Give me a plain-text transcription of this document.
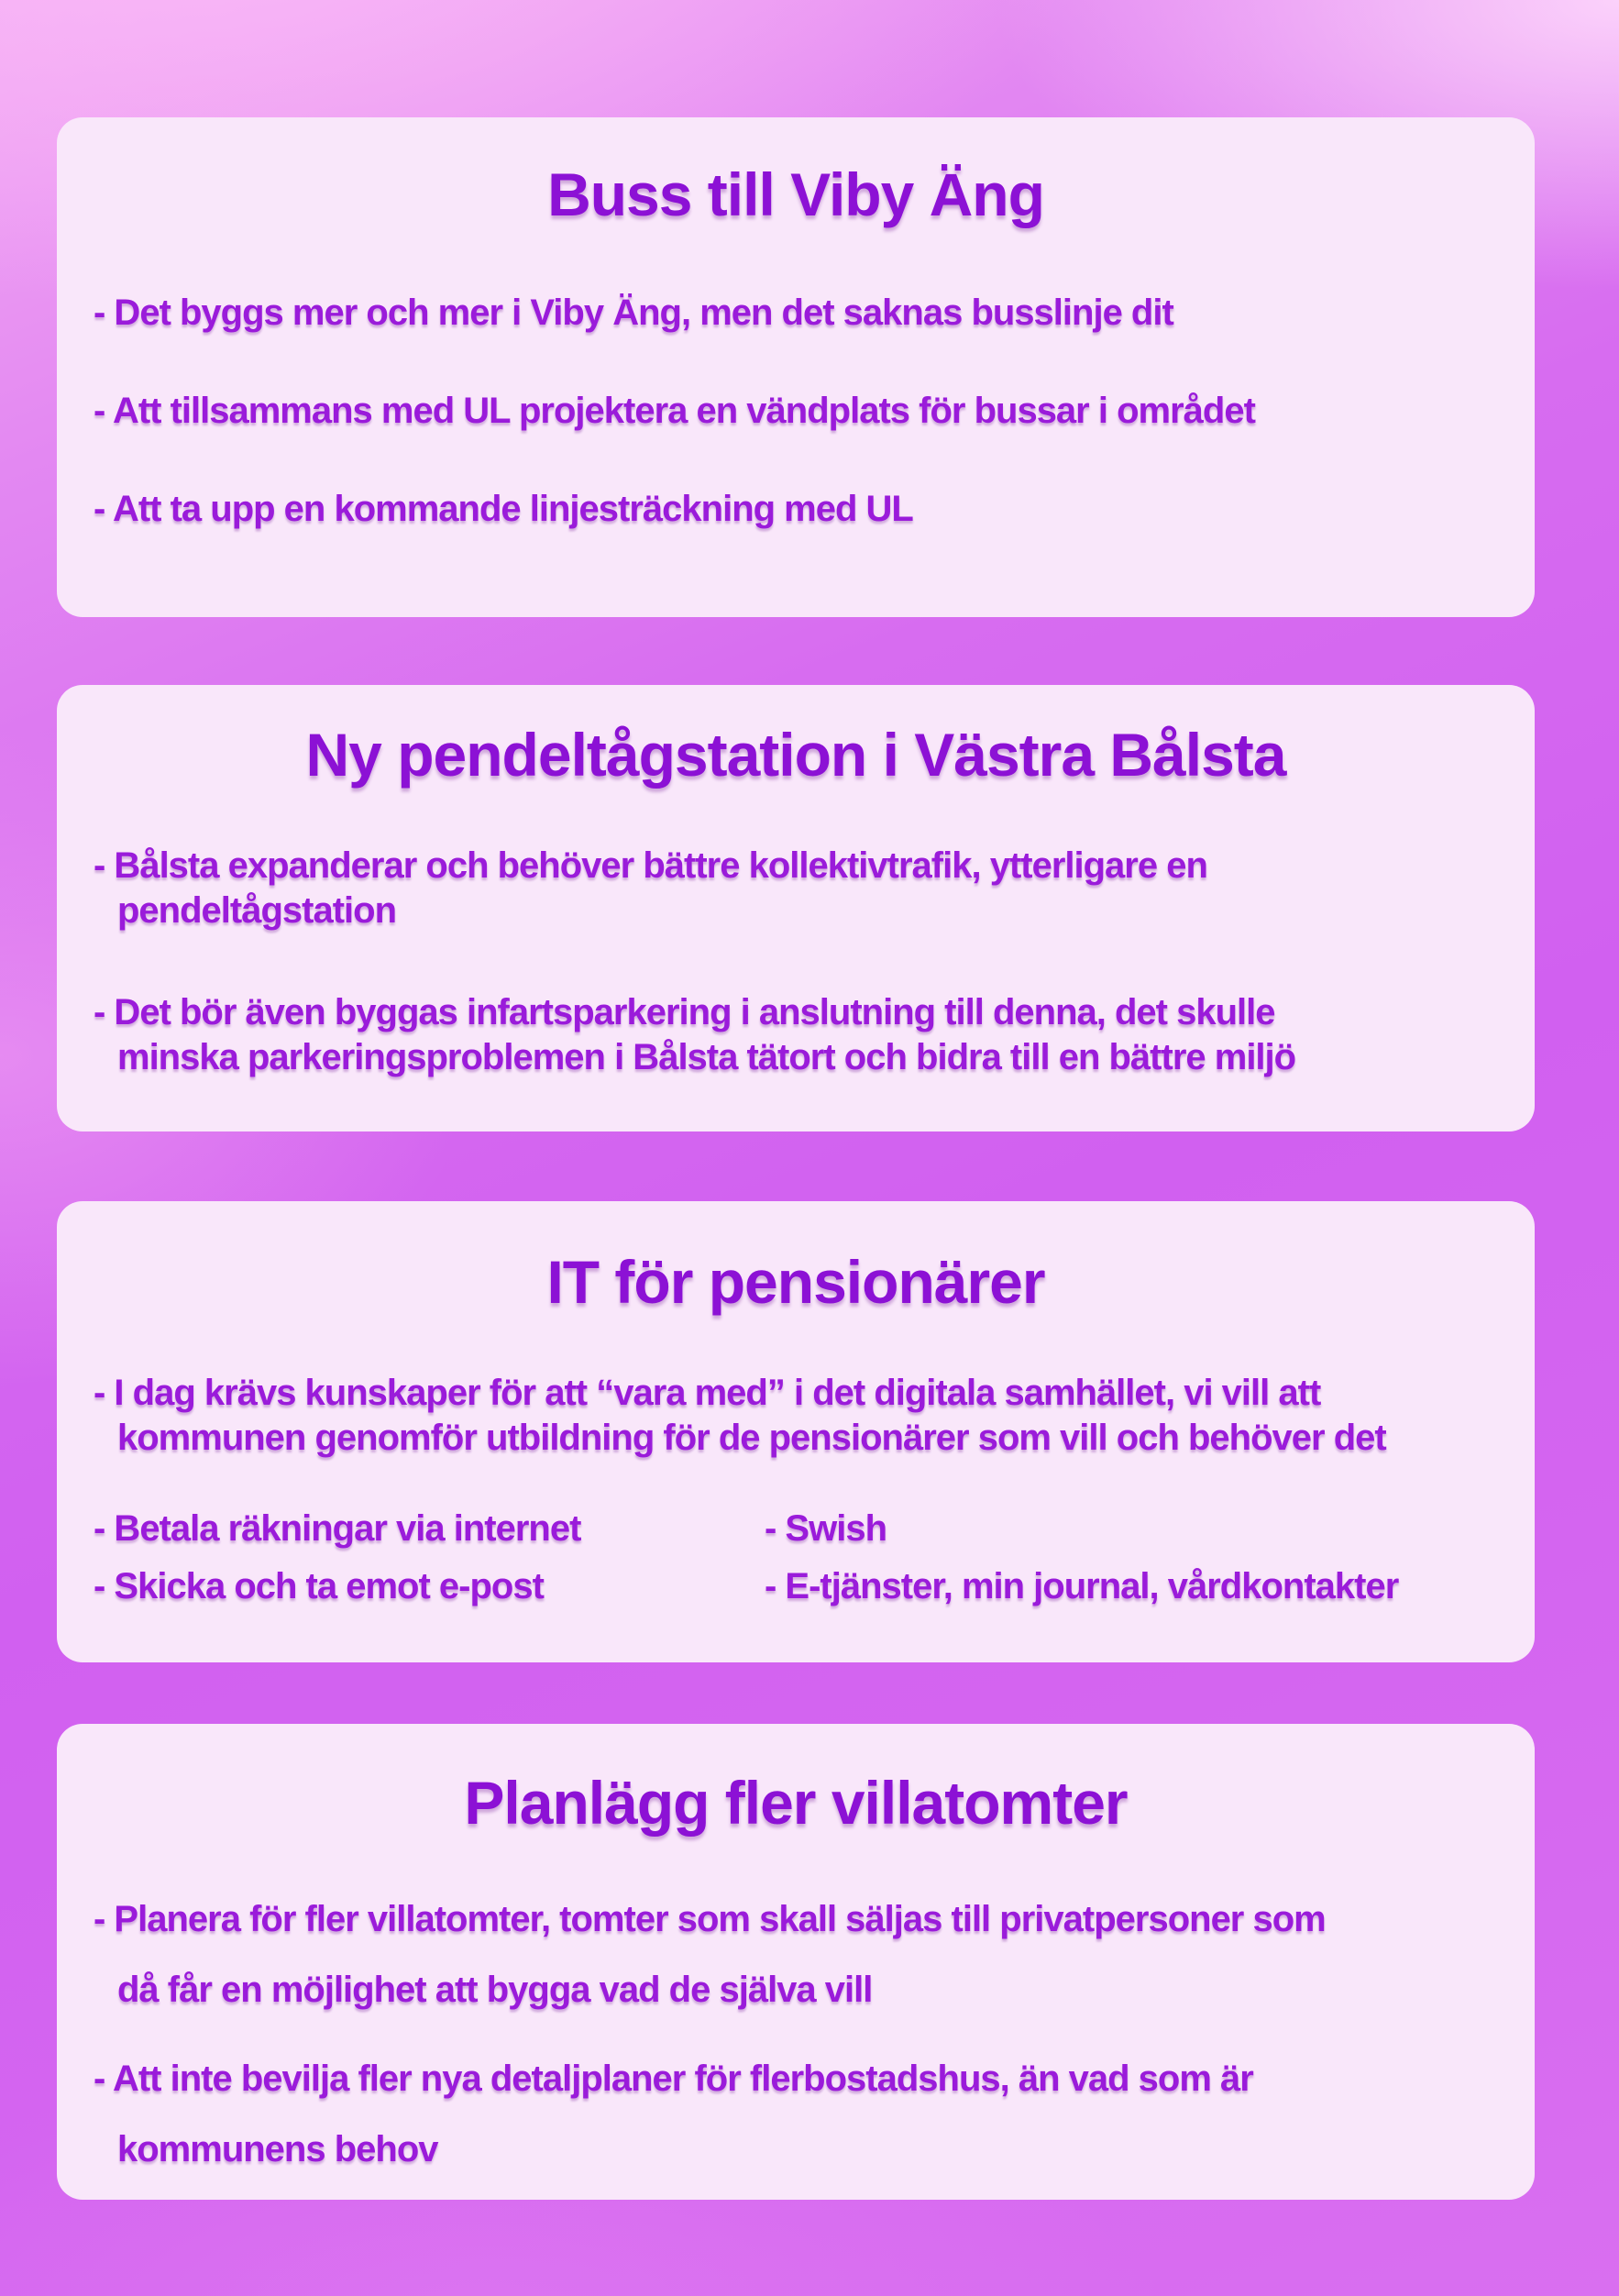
Buss till Viby Äng
- Det byggs mer och mer i Viby Äng, men det saknas busslinje dit
- Att tillsammans med UL projektera en vändplats för bussar i området
- Att ta upp en kommande linjesträckning med UL
Ny pendeltågstation i Västra Bålsta
- Bålsta expanderar och behöver bättre kollektivtrafik, ytterligare en
pendeltågstation
- Det bör även byggas infartsparkering i anslutning till denna, det skulle
minska parkeringsproblemen i Bålsta tätort och bidra till en bättre miljö
IT för pensionärer
- I dag krävs kunskaper för att “vara med” i det digitala samhället, vi vill att
kommunen genomför utbildning för de pensionärer som vill och behöver det
- Betala räkningar via internet
- Skicka och ta emot e-post
- Swish
- E-tjänster, min journal, vårdkontakter
Planlägg fler villatomter
- Planera för fler villatomter, tomter som skall säljas till privatpersoner som
då får en möjlighet att bygga vad de själva vill
- Att inte bevilja fler nya detaljplaner för flerbostadshus, än vad som är
kommunens behov
